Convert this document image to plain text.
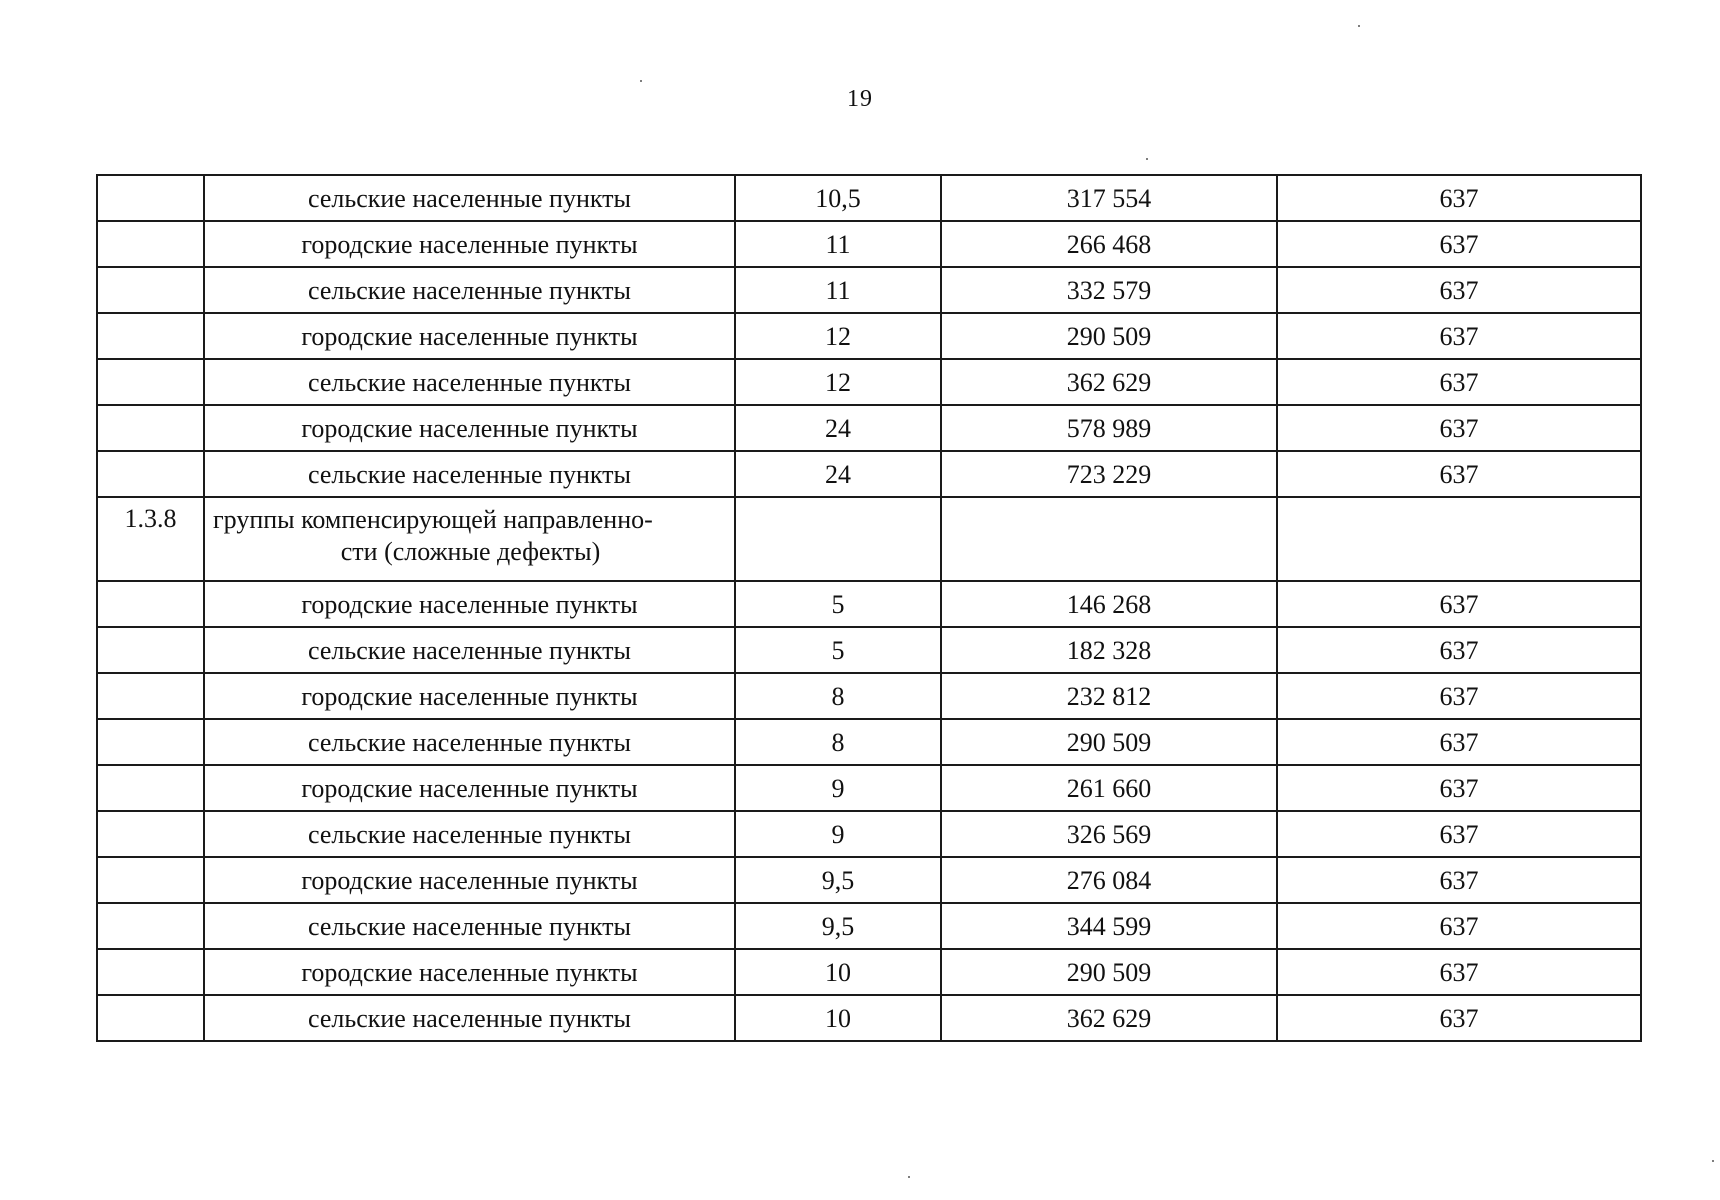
19
	сельские населенные пункты	10,5	317 554	637
	городские населенные пункты	11	266 468	637
	сельские населенные пункты	11	332 579	637
	городские населенные пункты	12	290 509	637
	сельские населенные пункты	12	362 629	637
	городские населенные пункты	24	578 989	637
	сельские населенные пункты	24	723 229	637
1.3.8	группы компенсирующей направленно-
сти (сложные дефекты)			

	городские населенные пункты	5	146 268	637
	сельские населенные пункты	5	182 328	637
	городские населенные пункты	8	232 812	637
	сельские населенные пункты	8	290 509	637
	городские населенные пункты	9	261 660	637
	сельские населенные пункты	9	326 569	637
	городские населенные пункты	9,5	276 084	637
	сельские населенные пункты	9,5	344 599	637
	городские населенные пункты	10	290 509	637
	сельские населенные пункты	10	362 629	637
